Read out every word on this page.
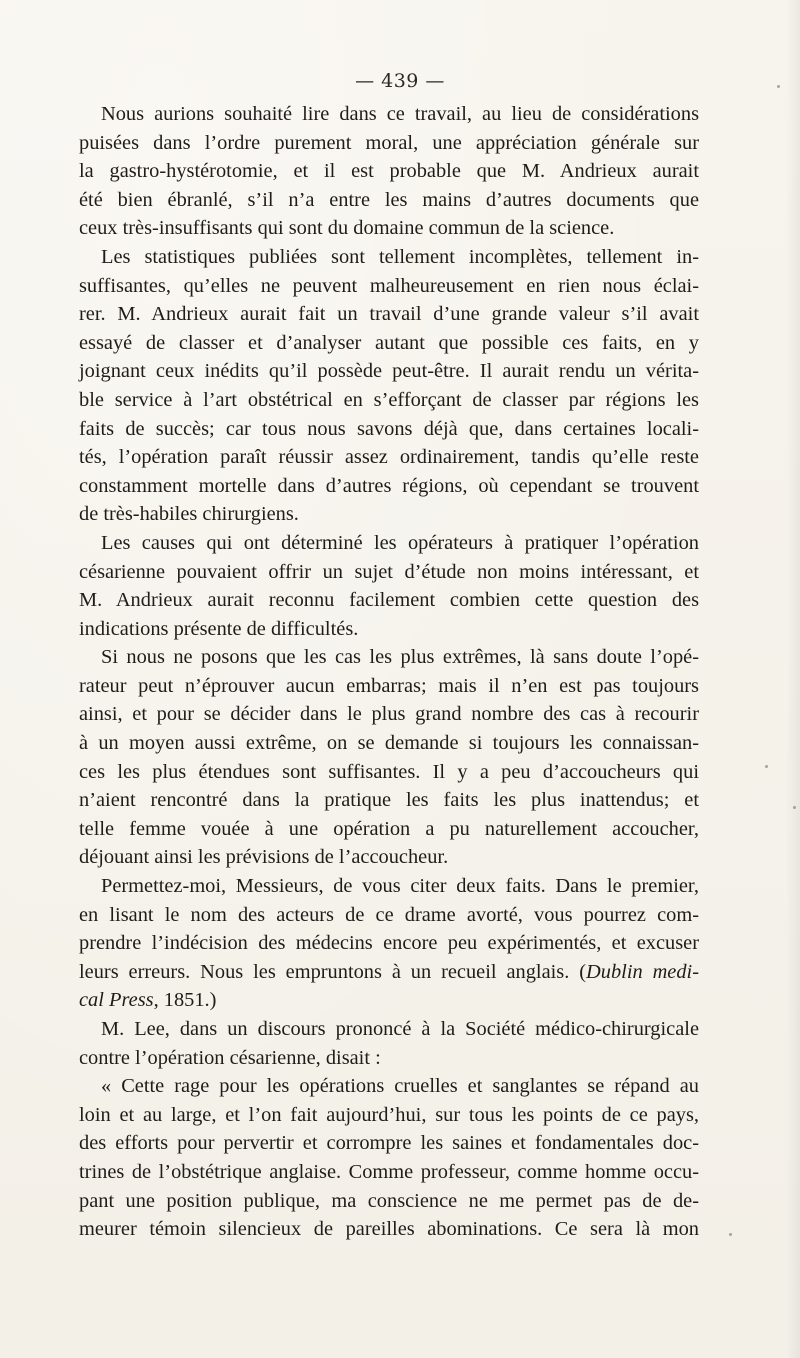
— 439 —
Nous aurions souhaité lire dans ce travail, au lieu de considérations
puisées dans l’ordre purement moral, une appréciation générale sur
la gastro-hystérotomie, et il est probable que M. Andrieux aurait
été bien ébranlé, s’il n’a entre les mains d’autres documents que
ceux très-insuffisants qui sont du domaine commun de la science.
Les statistiques publiées sont tellement incomplètes, tellement in-
suffisantes, qu’elles ne peuvent malheureusement en rien nous éclai-
rer. M. Andrieux aurait fait un travail d’une grande valeur s’il avait
essayé de classer et d’analyser autant que possible ces faits, en y
joignant ceux inédits qu’il possède peut-être. Il aurait rendu un vérita-
ble service à l’art obstétrical en s’efforçant de classer par régions les
faits de succès; car tous nous savons déjà que, dans certaines locali-
tés, l’opération paraît réussir assez ordinairement, tandis qu’elle reste
constamment mortelle dans d’autres régions, où cependant se trouvent
de très-habiles chirurgiens.
Les causes qui ont déterminé les opérateurs à pratiquer l’opération
césarienne pouvaient offrir un sujet d’étude non moins intéressant, et
M. Andrieux aurait reconnu facilement combien cette question des
indications présente de difficultés.
Si nous ne posons que les cas les plus extrêmes, là sans doute l’opé-
rateur peut n’éprouver aucun embarras; mais il n’en est pas toujours
ainsi, et pour se décider dans le plus grand nombre des cas à recourir
à un moyen aussi extrême, on se demande si toujours les connaissan-
ces les plus étendues sont suffisantes. Il y a peu d’accoucheurs qui
n’aient rencontré dans la pratique les faits les plus inattendus; et
telle femme vouée à une opération a pu naturellement accoucher,
déjouant ainsi les prévisions de l’accoucheur.
Permettez-moi, Messieurs, de vous citer deux faits. Dans le premier,
en lisant le nom des acteurs de ce drame avorté, vous pourrez com-
prendre l’indécision des médecins encore peu expérimentés, et excuser
leurs erreurs. Nous les empruntons à un recueil anglais. (Dublin medi-
cal Press, 1851.)
M. Lee, dans un discours prononcé à la Société médico-chirurgicale
contre l’opération césarienne, disait :
« Cette rage pour les opérations cruelles et sanglantes se répand au
loin et au large, et l’on fait aujourd’hui, sur tous les points de ce pays,
des efforts pour pervertir et corrompre les saines et fondamentales doc-
trines de l’obstétrique anglaise. Comme professeur, comme homme occu-
pant une position publique, ma conscience ne me permet pas de de-
meurer témoin silencieux de pareilles abominations. Ce sera là mon
